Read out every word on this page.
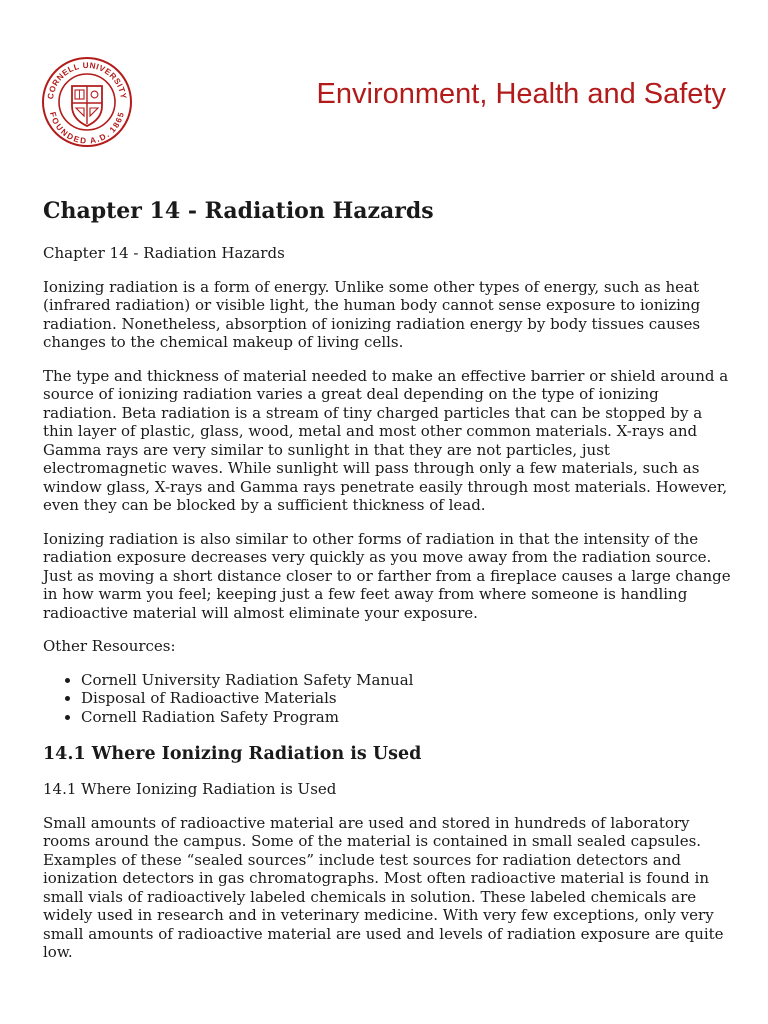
CORNELL UNIVERSITY
FOUNDED A.D. 1865
Environment, Health and Safety
Chapter 14 - Radiation Hazards

Chapter 14 - Radiation Hazards

Ionizing radiation is a form of energy. Unlike some other types of energy, such as heat (infrared radiation) or visible light, the human body cannot sense exposure to ionizing radiation. Nonetheless, absorption of ionizing radiation energy by body tissues causes changes to the chemical makeup of living cells.

The type and thickness of material needed to make an effective barrier or shield around a source of ionizing radiation varies a great deal depending on the type of ionizing radiation. Beta radiation is a stream of tiny charged particles that can be stopped by a thin layer of plastic, glass, wood, metal and most other common materials. X-rays and Gamma rays are very similar to sunlight in that they are not particles, just electromagnetic waves. While sunlight will pass through only a few materials, such as window glass, X-rays and Gamma rays penetrate easily through most materials. However, even they can be blocked by a sufficient thickness of lead.

Ionizing radiation is also similar to other forms of radiation in that the intensity of the radiation exposure decreases very quickly as you move away from the radiation source. Just as moving a short distance closer to or farther from a fireplace causes a large change in how warm you feel; keeping just a few feet away from where someone is handling radioactive material will almost eliminate your exposure.

Other Resources:

• Cornell University Radiation Safety Manual
• Disposal of Radioactive Materials
• Cornell Radiation Safety Program
14.1 Where Ionizing Radiation is Used

14.1 Where Ionizing Radiation is Used

Small amounts of radioactive material are used and stored in hundreds of laboratory rooms around the campus. Some of the material is contained in small sealed capsules. Examples of these “sealed sources” include test sources for radiation detectors and ionization detectors in gas chromatographs. Most often radioactive material is found in small vials of radioactively labeled chemicals in solution. These labeled chemicals are widely used in research and in veterinary medicine. With very few exceptions, only very small amounts of radioactive material are used and levels of radiation exposure are quite low.
